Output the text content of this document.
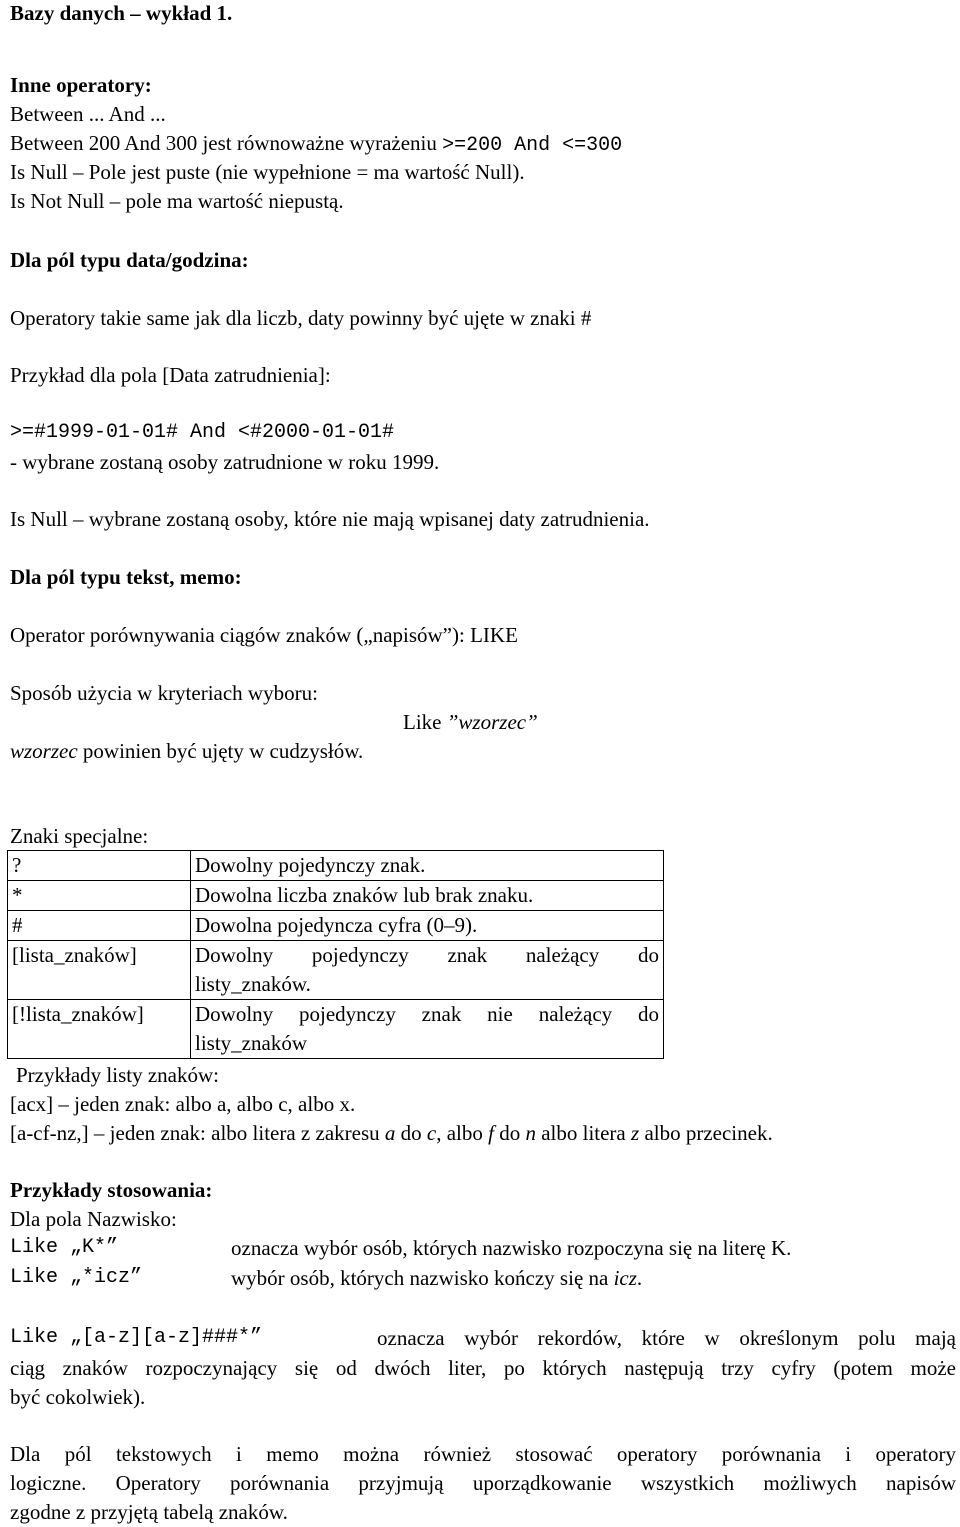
Bazy danych – wykład 1.
Inne operatory:
Between ... And ...
Between 200 And 300 jest równoważne wyrażeniu >=200 And <=300
Is Null – Pole jest puste (nie wypełnione = ma wartość Null).
Is Not Null – pole ma wartość niepustą.
Dla pól typu data/godzina:
Operatory takie same jak dla liczb, daty powinny być ujęte w znaki #
Przykład dla pola [Data zatrudnienia]:
>=#1999-01-01# And <#2000-01-01#
- wybrane zostaną osoby zatrudnione w roku 1999.
Is Null – wybrane zostaną osoby, które nie mają wpisanej daty zatrudnienia.
Dla pól typu tekst, memo:
Operator porównywania ciągów znaków („napisów”): LIKE
Sposób użycia w kryteriach wyboru:
Like ”wzorzec”
wzorzec powinien być ujęty w cudzysłów.
Znaki specjalne:
?	Dowolny pojedynczy znak.
*	Dowolna liczba znaków lub brak znaku.
#	Dowolna pojedyncza cyfra (0–9).
[lista_znaków]	Dowolny pojedynczy znak należący do
listy_znaków.
[!lista_znaków]	Dowolny pojedynczy znak nie należący do
listy_znaków
Przykłady listy znaków:
[acx] – jeden znak: albo a, albo c, albo x.
[a-cf-nz,] – jeden znak: albo litera z zakresu a do c, albo f do n albo litera z albo przecinek.
Przykłady stosowania:
Dla pola Nazwisko:
Like „K*”	oznacza wybór osób, których nazwisko rozpoczyna się na literę K.
Like „*icz”	wybór osób, których nazwisko kończy się na icz.
Like „[a-z][a-z]###*”	oznacza wybór rekordów, które w określonym polu mają
ciąg znaków rozpoczynający się od dwóch liter, po których następują trzy cyfry (potem może
być cokolwiek).
Dla pól tekstowych i memo można również stosować operatory porównania i operatory
logiczne. Operatory porównania przyjmują uporządkowanie wszystkich możliwych napisów
zgodne z przyjętą tabelą znaków.
